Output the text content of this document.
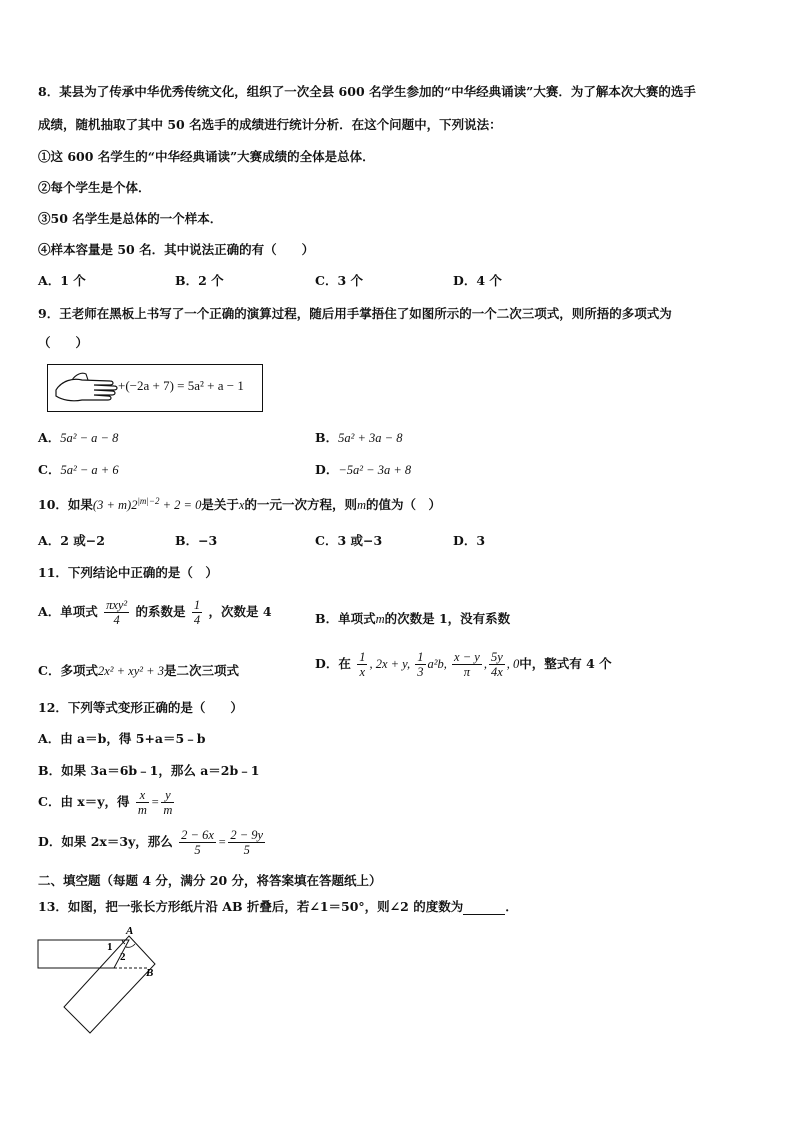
8．某县为了传承中华优秀传统文化，组织了一次全县 600 名学生参加的“中华经典诵读”大赛．为了解本次大赛的选手
成绩，随机抽取了其中 50 名选手的成绩进行统计分析．在这个问题中，下列说法：
①这 600 名学生的“中华经典诵读”大赛成绩的全体是总体．
②每个学生是个体．
③50 名学生是总体的一个样本．
④样本容量是 50 名．其中说法正确的有（　　）
A．1 个	B．2 个	C．3 个	D．4 个
9．王老师在黑板上书写了一个正确的演算过程，随后用手掌捂住了如图所示的一个二次三项式，则所捂的多项式为
（　　）
+(−2a + 7) = 5a² + a − 1
A．5a² − a − 8	B．5a² + 3a − 8
C．5a² − a + 6	D．−5a² − 3a + 8
10．如果$(3 + m)2^{|m|-2} + 2 = 0$是关于x的一元一次方程，则m的值为（　）
A．2 或−2	B．−3	C．3 或−3	D．3
11．下列结论中正确的是（　）
A．单项式 $\frac{\text{πxy²}}{4}$ 的系数是 $\frac{1}{4}$ ，次数是 4	B．单项式m的次数是 1，没有系数
C．多项式2x² + xy² + 3是二次三项式	D．在 $\frac{1}{x}$ , 2x + y, $\frac{1}{3} a^2b$, $\frac{x - y}{\pi}$ , $\frac{5y}{4x}$ , 0中，整式有 4 个
12．下列等式变形正确的是（　　）
A．由 a＝b，得 5+a＝5﹣b
B．如果 3a＝6b﹣1，那么 a＝2b﹣1
C．由 x＝y，得 $\frac{x}{m} = \frac{y}{m}$
D．如果 2x＝3y，那么 $\frac{2 - 6x}{5} = \frac{2 - 9y}{5}$
二、填空题（每题 4 分，满分 20 分，将答案填在答题纸上）
13．如图，把一张长方形纸片沿 AB 折叠后，若∠1＝50°，则∠2 的度数为	．
A
B
1
2
